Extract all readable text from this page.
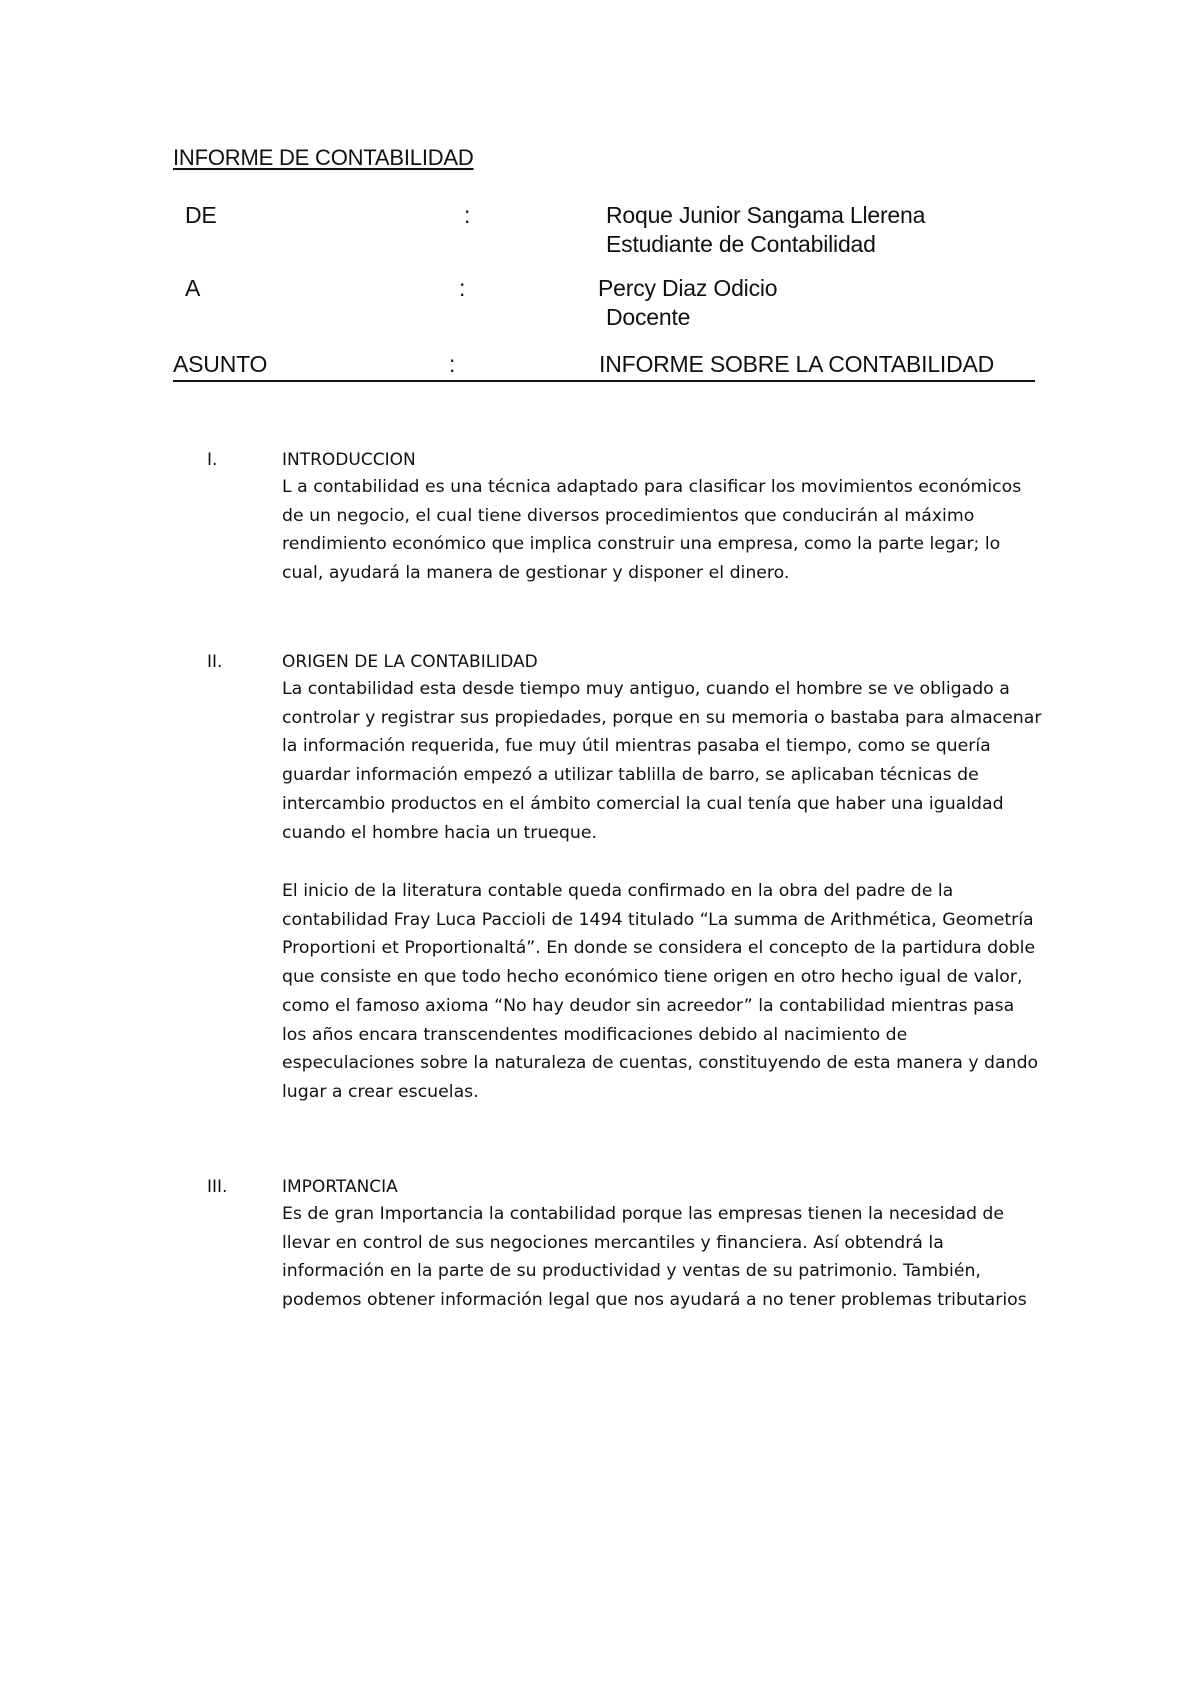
INFORME DE CONTABILIDAD
DE	:	Roque Junior Sangama Llerena
Estudiante de Contabilidad
A	:	Percy Diaz Odicio
Docente
ASUNTO	:	INFORME SOBRE LA CONTABILIDAD
I.	INTRODUCCION
L a contabilidad es una técnica adaptado para clasificar los movimientos económicos de un negocio, el cual tiene diversos procedimientos que conducirán al máximo rendimiento económico que implica construir una empresa, como la parte legar; lo cual, ayudará la manera de gestionar y disponer el dinero.
II.	ORIGEN DE LA CONTABILIDAD
La contabilidad esta desde tiempo muy antiguo, cuando el hombre se ve obligado a controlar y registrar sus propiedades, porque en su memoria o bastaba para almacenar la información requerida, fue muy útil mientras pasaba el tiempo, como se quería guardar información empezó a utilizar tablilla de barro, se aplicaban técnicas de intercambio productos en el ámbito comercial la cual tenía que haber una igualdad cuando el hombre hacia un trueque.
El inicio de la literatura contable queda confirmado en la obra del padre de la contabilidad Fray Luca Paccioli de 1494 titulado “La summa de Arithmética, Geometría Proportioni et Proportionaltá”. En donde se considera el concepto de la partidura doble que consiste en que todo hecho económico tiene origen en otro hecho igual de valor, como el famoso axioma “No hay deudor sin acreedor” la contabilidad mientras pasa los años encara transcendentes modificaciones debido al nacimiento de especulaciones sobre la naturaleza de cuentas, constituyendo de esta manera y dando lugar a crear escuelas.
III.	IMPORTANCIA
Es de gran Importancia la contabilidad porque las empresas tienen la necesidad de llevar en control de sus negociones mercantiles y financiera. Así obtendrá la información en la parte de su productividad y ventas de su patrimonio. También, podemos obtener información legal que nos ayudará a no tener problemas tributarios
